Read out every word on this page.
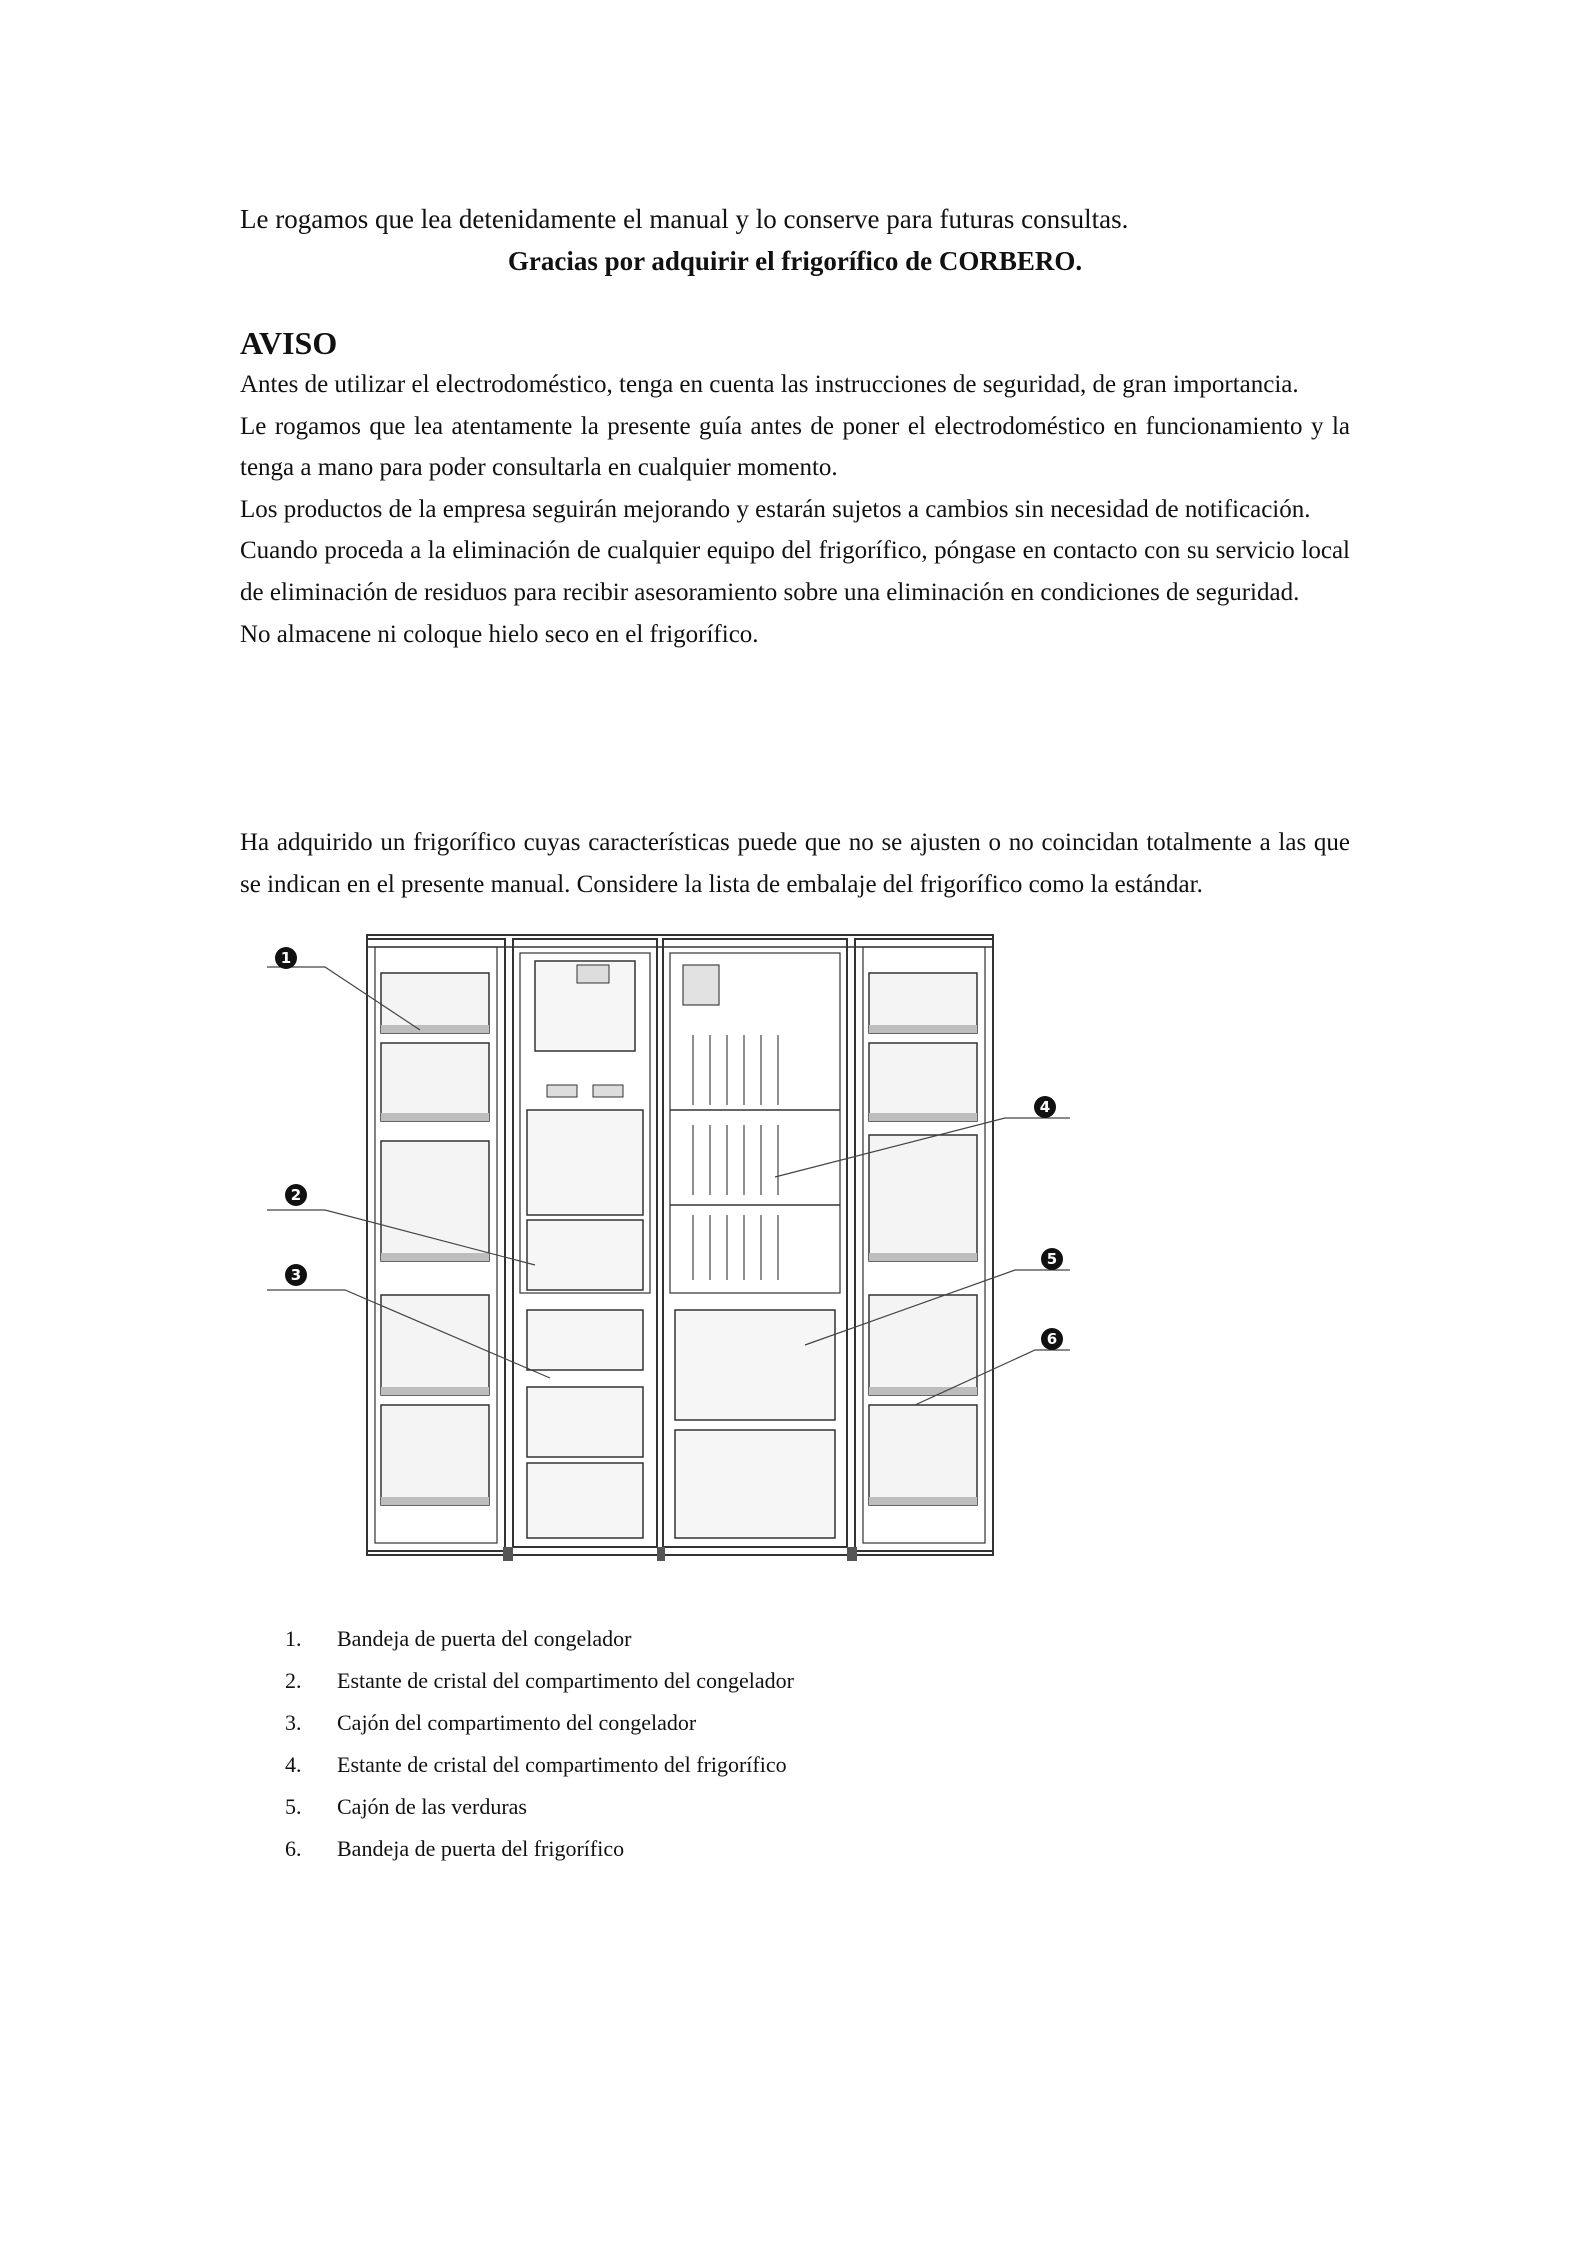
Le rogamos que lea detenidamente el manual y lo conserve para futuras consultas.

Gracias por adquirir el frigorífico de CORBERO.

AVISO

Antes de utilizar el electrodoméstico, tenga en cuenta las instrucciones de seguridad, de gran importancia.

Le rogamos que lea atentamente la presente guía antes de poner el electrodoméstico en funcionamiento y la tenga a mano para poder consultarla en cualquier momento.

Los productos de la empresa seguirán mejorando y estarán sujetos a cambios sin necesidad de notificación.

Cuando proceda a la eliminación de cualquier equipo del frigorífico, póngase en contacto con su servicio local de eliminación de residuos para recibir asesoramiento sobre una eliminación en condiciones de seguridad.

No almacene ni coloque hielo seco en el frigorífico.

Ha adquirido un frigorífico cuyas características puede que no se ajusten o no coincidan totalmente a las que se indican en el presente manual. Considere la lista de embalaje del frigorífico como la estándar.

1
2
3
4
5
6
1.	Bandeja de puerta del congelador
2.	Estante de cristal del compartimento del congelador
3.	Cajón del compartimento del congelador
4.	Estante de cristal del compartimento del frigorífico
5.	Cajón de las verduras
6.	Bandeja de puerta del frigorífico
